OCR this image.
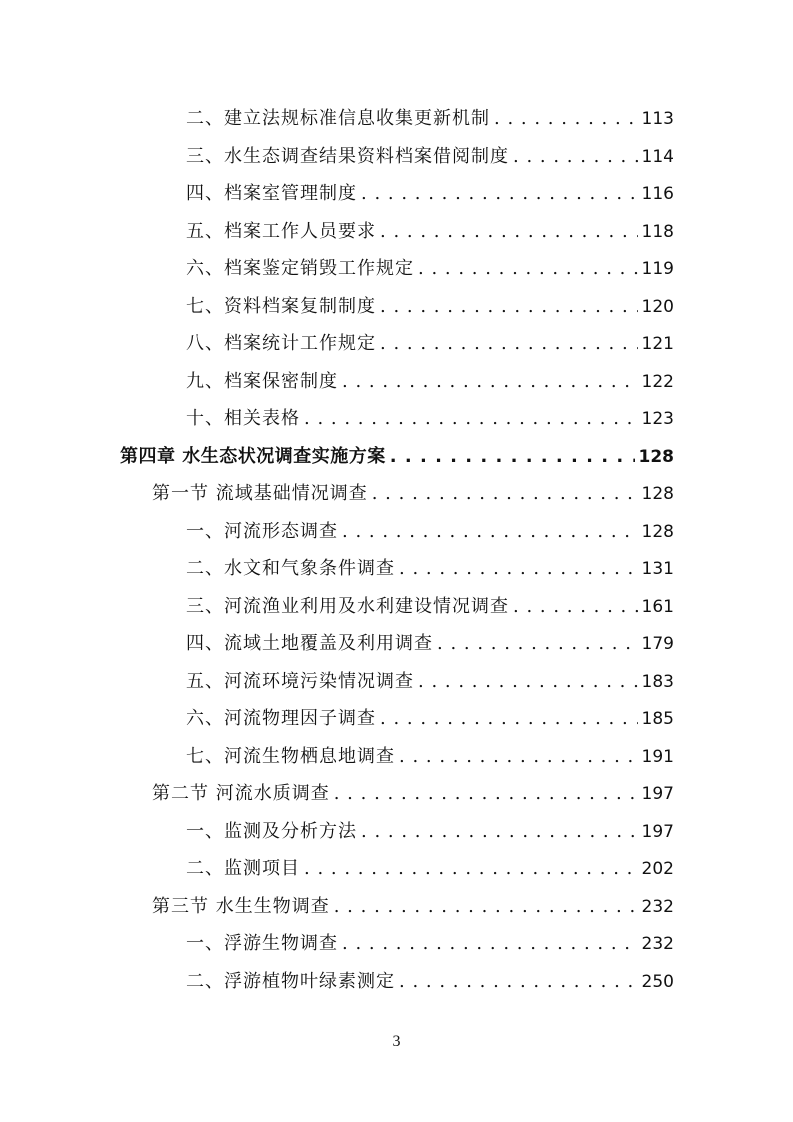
二、建立法规标准信息收集更新机制 . . .	113
三、水生态调查结果资料档案借阅制度 . . .	114
四、档案室管理制度 . . .	116
五、档案工作人员要求 . . .	118
六、档案鉴定销毁工作规定 . . .	119
七、资料档案复制制度 . . .	120
八、档案统计工作规定 . . .	121
九、档案保密制度 . . .	122
十、相关表格 . . .	123
第四章 水生态状况调查实施方案 . . .	128
第一节 流域基础情况调查 . . .	128
一、河流形态调查 . . .	128
二、水文和气象条件调查 . . .	131
三、河流渔业利用及水利建设情况调查 . . .	161
四、流域土地覆盖及利用调查 . . .	179
五、河流环境污染情况调查 . . .	183
六、河流物理因子调查 . . .	185
七、河流生物栖息地调查 . . .	191
第二节 河流水质调查 . . .	197
一、监测及分析方法 . . .	197
二、监测项目 . . .	202
第三节 水生生物调查 . . .	232
一、浮游生物调查 . . .	232
二、浮游植物叶绿素测定 . . .	250
3
